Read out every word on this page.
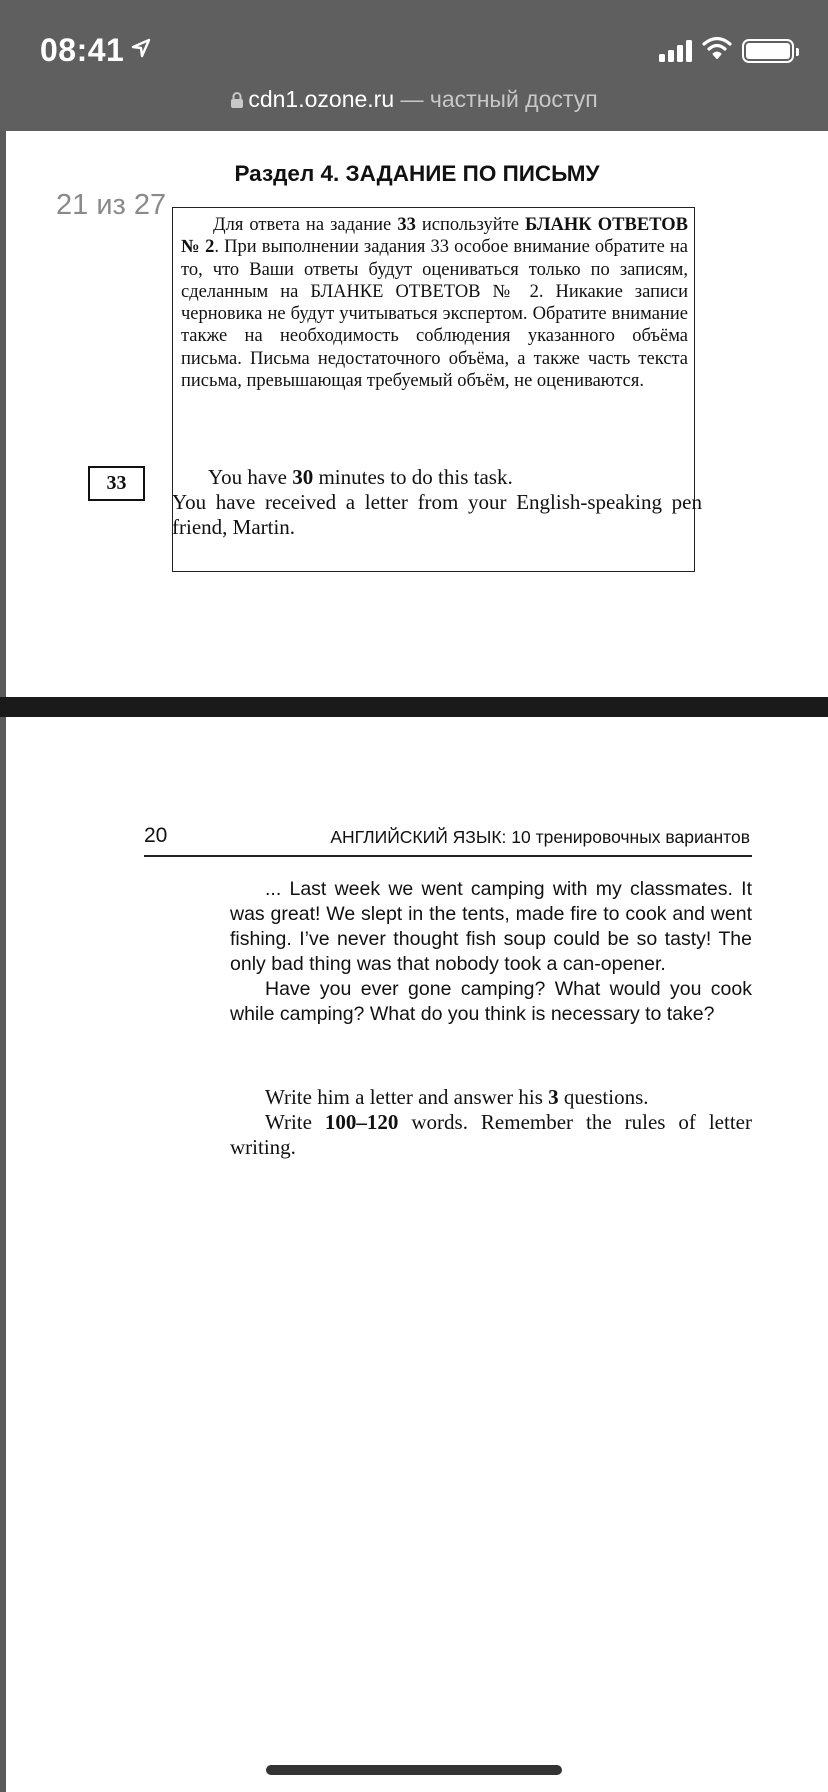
08:41
cdn1.ozone.ru — частный доступ
Раздел 4. ЗАДАНИЕ ПО ПИСЬМУ
21 из 27

Для ответа на задание 33 используйте БЛАНК ОТВЕТОВ № 2. При выполнении задания 33 особое внимание обратите на то, что Ваши ответы будут оцениваться только по записям, сделанным на БЛАНКЕ ОТВЕТОВ № 2. Никакие записи черновика не будут учитываться экспертом. Обратите внимание также на необходимость соблюдения указанного объёма письма. Письма недостаточного объёма, а также часть текста письма, превышающая требуемый объём, не оцениваются.

33	You have 30 minutes to do this task.
You have received a letter from your English-speaking pen friend, Martin.
20	АНГЛИЙСКИЙ ЯЗЫК: 10 тренировочных вариантов

... Last week we went camping with my classmates. It was great! We slept in the tents, made fire to cook and went fishing. I’ve never thought fish soup could be so tasty! The only bad thing was that nobody took a can-opener.

Have you ever gone camping? What would you cook while camping? What do you think is necessary to take?

Write him a letter and answer his 3 questions.

Write 100–120 words. Remember the rules of letter writing.
